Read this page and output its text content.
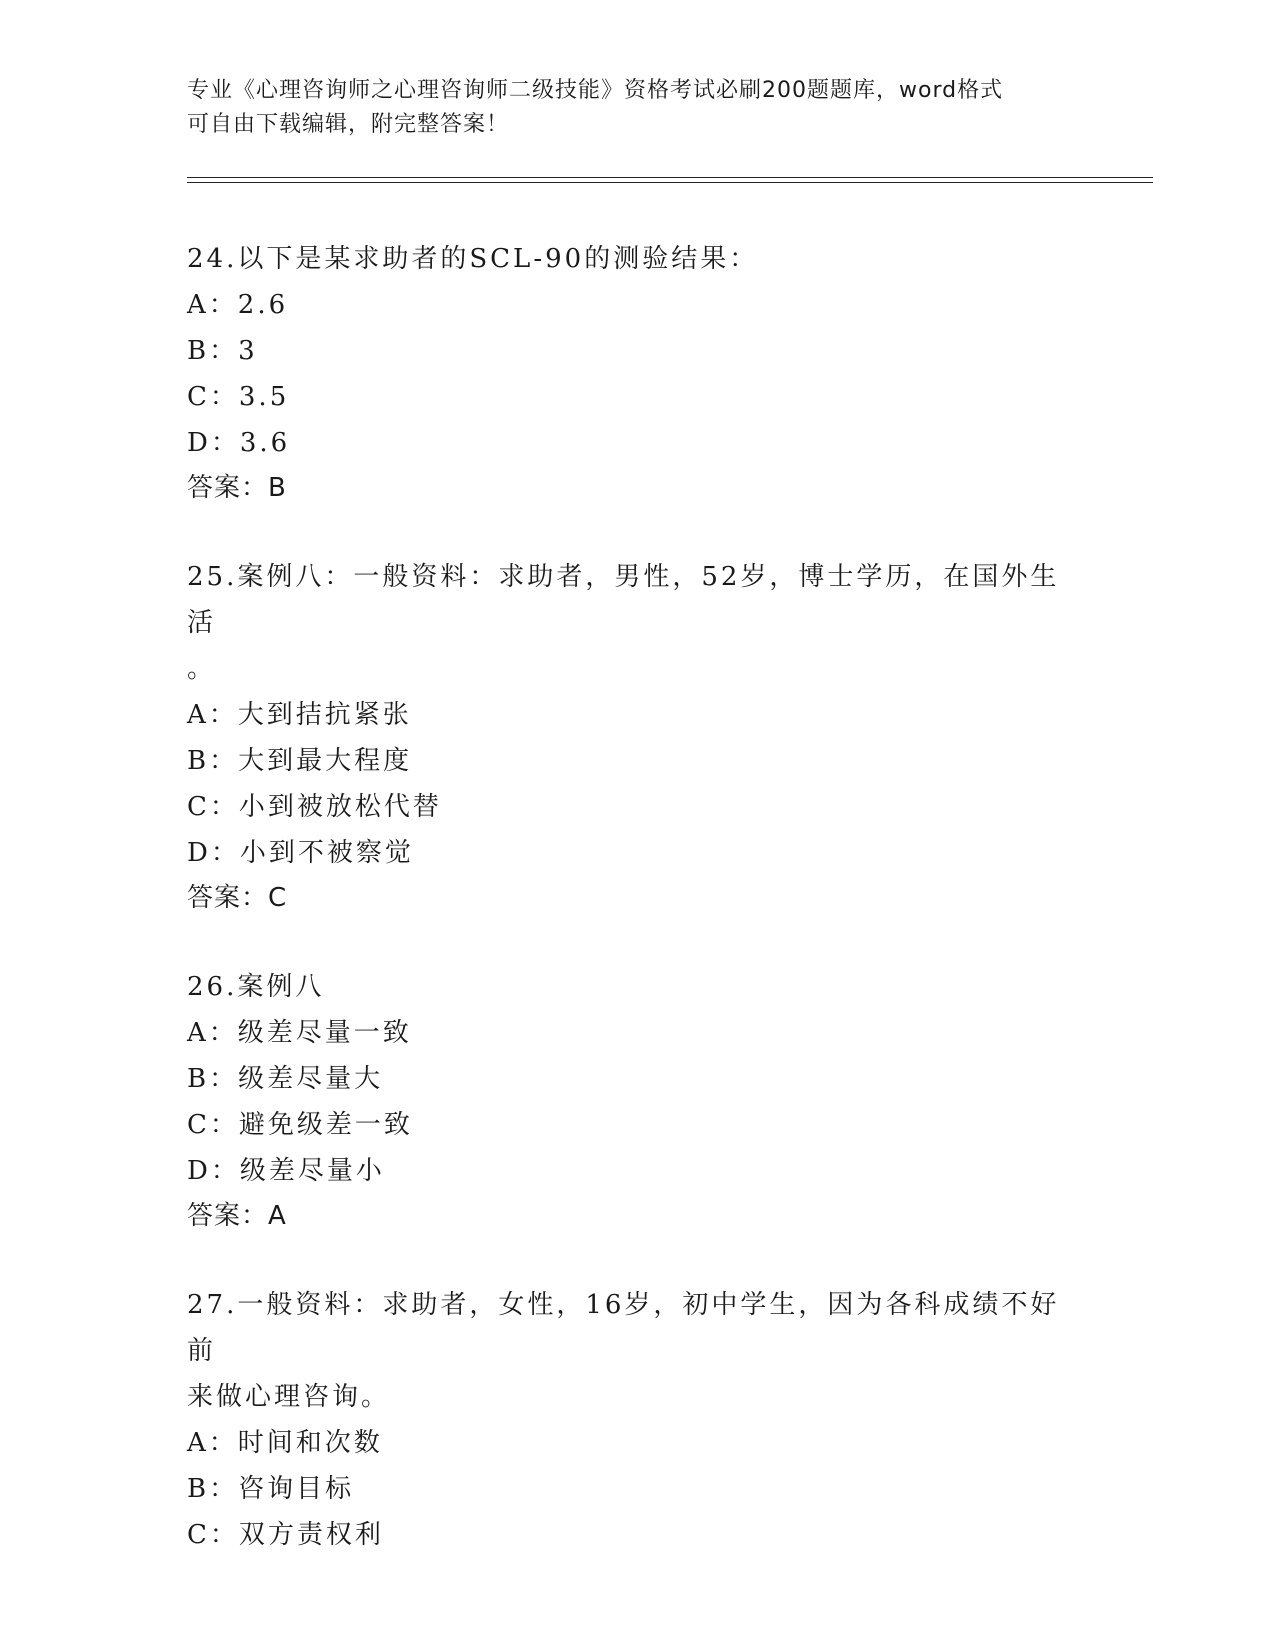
专业《心理咨询师之心理咨询师二级技能》资格考试必刷200题题库，word格式
可自由下载编辑，附完整答案！
24.以下是某求助者的SCL-90的测验结果：
A：2.6
B：3
C：3.5
D：3.6
答案：B
25.案例八：一般资料：求助者，男性，52岁，博士学历，在国外生活
。
A：大到拮抗紧张
B：大到最大程度
C：小到被放松代替
D：小到不被察觉
答案：C
26.案例八
A：级差尽量一致
B：级差尽量大
C：避免级差一致
D：级差尽量小
答案：A
27.一般资料：求助者，女性，16岁，初中学生，因为各科成绩不好前
来做心理咨询。
A：时间和次数
B：咨询目标
C：双方责权利
